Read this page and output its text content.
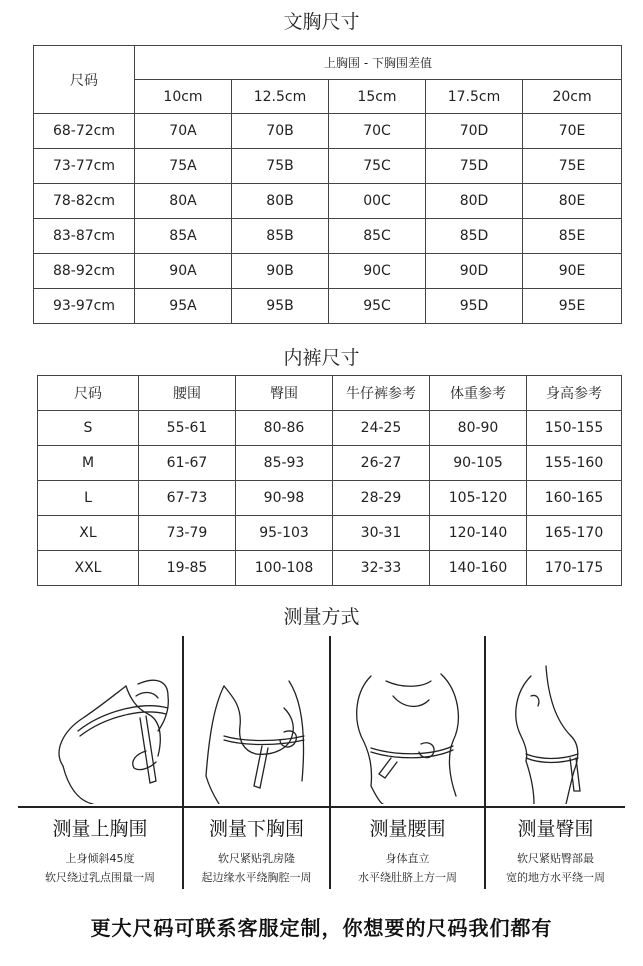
文胸尺寸
尺码	上胸围 - 下胸围差值				
	10cm	12.5cm	15cm	17.5cm	20cm
68-72cm	70A	70B	70C	70D	70E
73-77cm	75A	75B	75C	75D	75E
78-82cm	80A	80B	00C	80D	80E
83-87cm	85A	85B	85C	85D	85E
88-92cm	90A	90B	90C	90D	90E
93-97cm	95A	95B	95C	95D	95E
内裤尺寸
尺码	腰围	臀围	牛仔裤参考	体重参考	身高参考
S	55-61	80-86	24-25	80-90	150-155
M	61-67	85-93	26-27	90-105	155-160
L	67-73	90-98	28-29	105-120	160-165
XL	73-79	95-103	30-31	120-140	165-170
XXL	19-85	100-108	32-33	140-160	170-175
测量方式
测量上胸围
上身倾斜45度
软尺绕过乳点围量一周
测量下胸围
软尺紧贴乳房隆
起边缘水平绕胸腔一周
测量腰围
身体直立
水平绕肚脐上方一周
测量臀围
软尺紧贴臀部最
宽的地方水平绕一周
更大尺码可联系客服定制，你想要的尺码我们都有
